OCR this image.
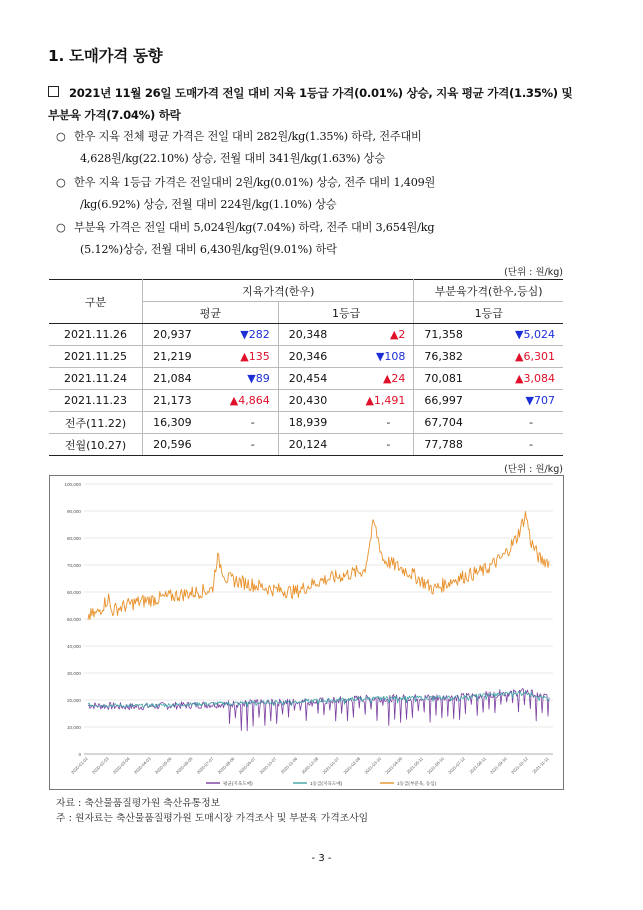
1. 도매가격 동향
2021년 11월 26일 도매가격 전일 대비 지육 1등급 가격(0.01%) 상승, 지육 평균 가격(1.35%) 및 부분육 가격(7.04%) 하락
○ 한우 지육 전체 평균 가격은 전일 대비 282원/kg(1.35%) 하락, 전주대비
4,628원/kg(22.10%) 상승, 전월 대비 341원/kg(1.63%) 상승
○ 한우 지육 1등급 가격은 전일대비 2원/kg(0.01%) 상승, 전주 대비 1,409원
/kg(6.92%) 상승, 전월 대비 224원/kg(1.10%) 상승
○ 부분육 가격은 전일 대비 5,024원/kg(7.04%) 하락, 전주 대비 3,654원/kg
(5.12%)상승, 전월 대비 6,430원/kg원(9.01%) 하락
(단위 : 원/kg)
구분	지육가격(한우)				부분육가격(한우,등심)	
	평균		1등급		1등급	
2021.11.26	20,937	▼282	20,348	▲2	71,358	▼5,024
2021.11.25	21,219	▲135	20,346	▼108	76,382	▲6,301
2021.11.24	21,084	▼89	20,454	▲24	70,081	▲3,084
2021.11.23	21,173	▲4,864	20,430	▲1,491	66,997	▼707
전주(11.22)	16,309	-	18,939	-	67,704	-
전월(10.27)	20,596	-	20,124	-	77,788	-
(단위 : 원/kg)
0
10,000
20,000
30,000
40,000
50,000
60,000
70,000
80,000
90,000
100,000
2020-01-02 2020-02-03 2020-03-04 2020-04-03 2020-05-06 2020-06-05 2020-07-07 2020-08-06 2020-09-07 2020-10-07 2020-11-06 2020-12-08 2021-01-07 2021-02-08 2021-03-10 2021-04-09 2021-05-11 2021-06-10 2021-07-12 2021-08-11 2021-09-10 2021-10-12 2021-11-11
평균(지육도매)	1등급(지육도매)	1등급(부분육, 등심)
자료 : 축산물품질평가원 축산유통정보
주 : 원자료는 축산물품질평가원 도매시장 가격조사 및 부분육 가격조사임
- 3 -
